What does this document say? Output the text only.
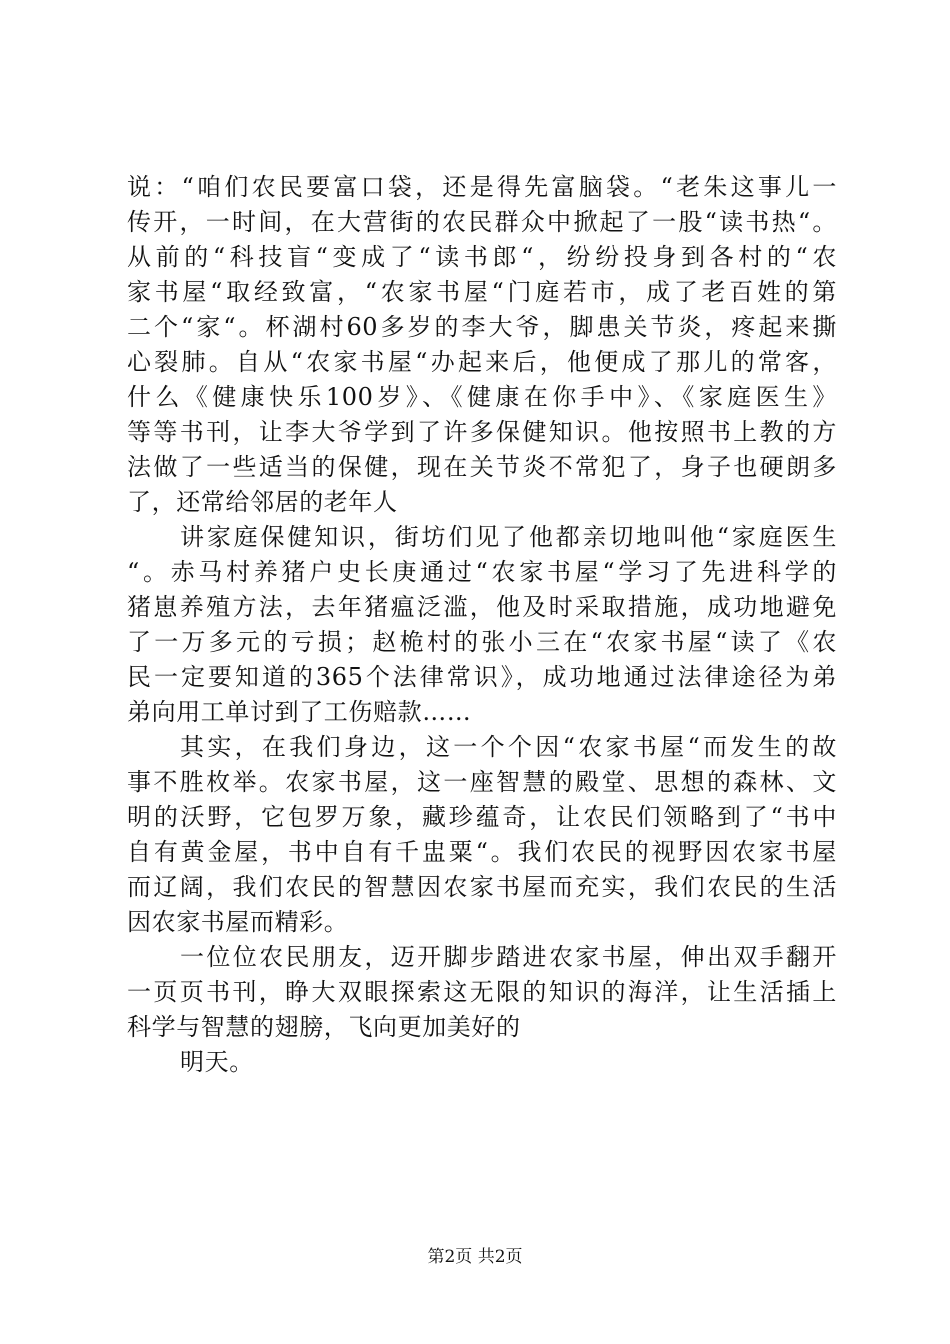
说：“咱们农民要富口袋，还是得先富脑袋。“老朱这事儿一
传开，一时间，在大营街的农民群众中掀起了一股“读书热“。
从前的“科技盲“变成了“读书郎“，纷纷投身到各村的“农
家书屋“取经致富，“农家书屋“门庭若市，成了老百姓的第
二个“家“。杯湖村60多岁的李大爷，脚患关节炎，疼起来撕
心裂肺。自从“农家书屋“办起来后，他便成了那儿的常客，
什么《健康快乐100岁》、《健康在你手中》、《家庭医生》
等等书刊，让李大爷学到了许多保健知识。他按照书上教的方
法做了一些适当的保健，现在关节炎不常犯了，身子也硬朗多
了，还常给邻居的老年人
讲家庭保健知识，街坊们见了他都亲切地叫他“家庭医生
“。赤马村养猪户史长庚通过“农家书屋“学习了先进科学的
猪崽养殖方法，去年猪瘟泛滥，他及时采取措施，成功地避免
了一万多元的亏损；赵桅村的张小三在“农家书屋“读了《农
民一定要知道的365个法律常识》，成功地通过法律途径为弟
弟向用工单讨到了工伤赔款……
其实，在我们身边，这一个个因“农家书屋“而发生的故
事不胜枚举。农家书屋，这一座智慧的殿堂、思想的森林、文
明的沃野，它包罗万象，藏珍蕴奇，让农民们领略到了“书中
自有黄金屋，书中自有千盅粟“。我们农民的视野因农家书屋
而辽阔，我们农民的智慧因农家书屋而充实，我们农民的生活
因农家书屋而精彩。
一位位农民朋友，迈开脚步踏进农家书屋，伸出双手翻开
一页页书刊，睁大双眼探索这无限的知识的海洋，让生活插上
科学与智慧的翅膀，飞向更加美好的
明天。
第2页 共2页
